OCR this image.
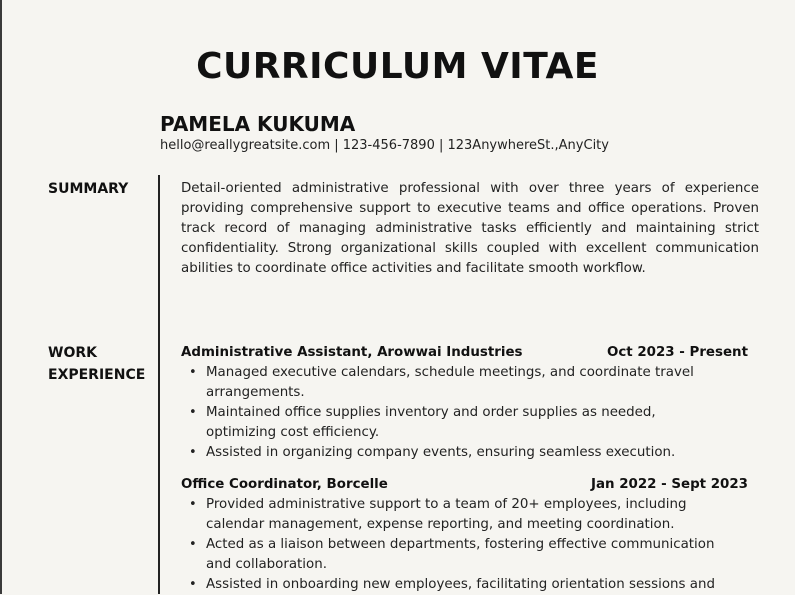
CURRICULUM VITAE
PAMELA KUKUMA
hello@reallygreatsite.com | 123-456-7890 | 123AnywhereSt.,AnyCity
SUMMARY	Detail-oriented administrative professional with over three years of experience providing comprehensive support to executive teams and office operations. Proven track record of managing administrative tasks efficiently and maintaining strict confidentiality. Strong organizational skills coupled with excellent communication abilities to coordinate office activities and facilitate smooth workflow.
WORK
EXPERIENCE
Administrative Assistant, Arowwai Industries	Oct 2023 - Present
• Managed executive calendars, schedule meetings, and coordinate travel arrangements.
• Maintained office supplies inventory and order supplies as needed, optimizing cost efficiency.
• Assisted in organizing company events, ensuring seamless execution.
Office Coordinator, Borcelle	Jan 2022 - Sept 2023
• Provided administrative support to a team of 20+ employees, including calendar management, expense reporting, and meeting coordination.
• Acted as a liaison between departments, fostering effective communication and collaboration.
• Assisted in onboarding new employees, facilitating orientation sessions and
